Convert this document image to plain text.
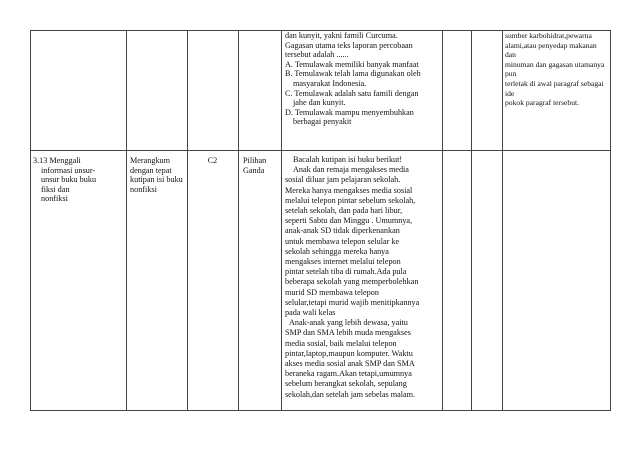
dan kunyit, yakni famili Curcuma.

Gagasan utama teks laporan percobaan

tersebut adalah ......

A. Temulawak memiliki banyak manfaat

B. Temulawak telah lama digunakan oleh

masyarakat Indonesia.

C. Temulawak adalah satu famili dengan

jahe dan kunyit.

D. Temulawak mampu menyembuhkan

berbagai penyakit

sumber karbohidrat,pewarna

alami,atau penyedap makanan dan

minuman dan gagasan utamanya pun

terletak di awal paragraf sebagai ide

pokok paragraf tersebut.

3.13 Menggali

informasi unsur-

unsur buku buku

fiksi dan

nonfiksi

Merangkum

dengan tepat

kutipan isi buku

nonfiksi

C2	Pilihan

Ganda

Bacalah kutipan isi buku berikut!

Anak dan remaja mengakses media

sosial diluar jam pelajaran sekolah.

Mereka hanya mengakses media sosial

melalui telepon pintar sebelum sekolah,

setelah sekolah, dan pada hari libur,

seperti Sabtu dan Minggu . Umumnya,

anak-anak SD tidak diperkenankan

untuk membawa telepon selular ke

sekolah sehingga mereka hanya

mengakses internet melalui telepon

pintar setelah tiba di rumah.Ada pula

beberapa sekolah yang memperbolehkan

murid SD membawa telepon

selular,tetapi murid wajib menitipkannya

pada wali kelas

Anak-anak yang lebih dewasa, yaitu

SMP dan SMA lebih muda mengakses

media sosial, baik melalui telepon

pintar,laptop,maupun komputer. Waktu

akses media sosial anak SMP dan SMA

beraneka ragam.Akan tetapi,umumnya

sebelum berangkat sekolah, sepulang

sekolah,dan setelah jam sebelas malam.
